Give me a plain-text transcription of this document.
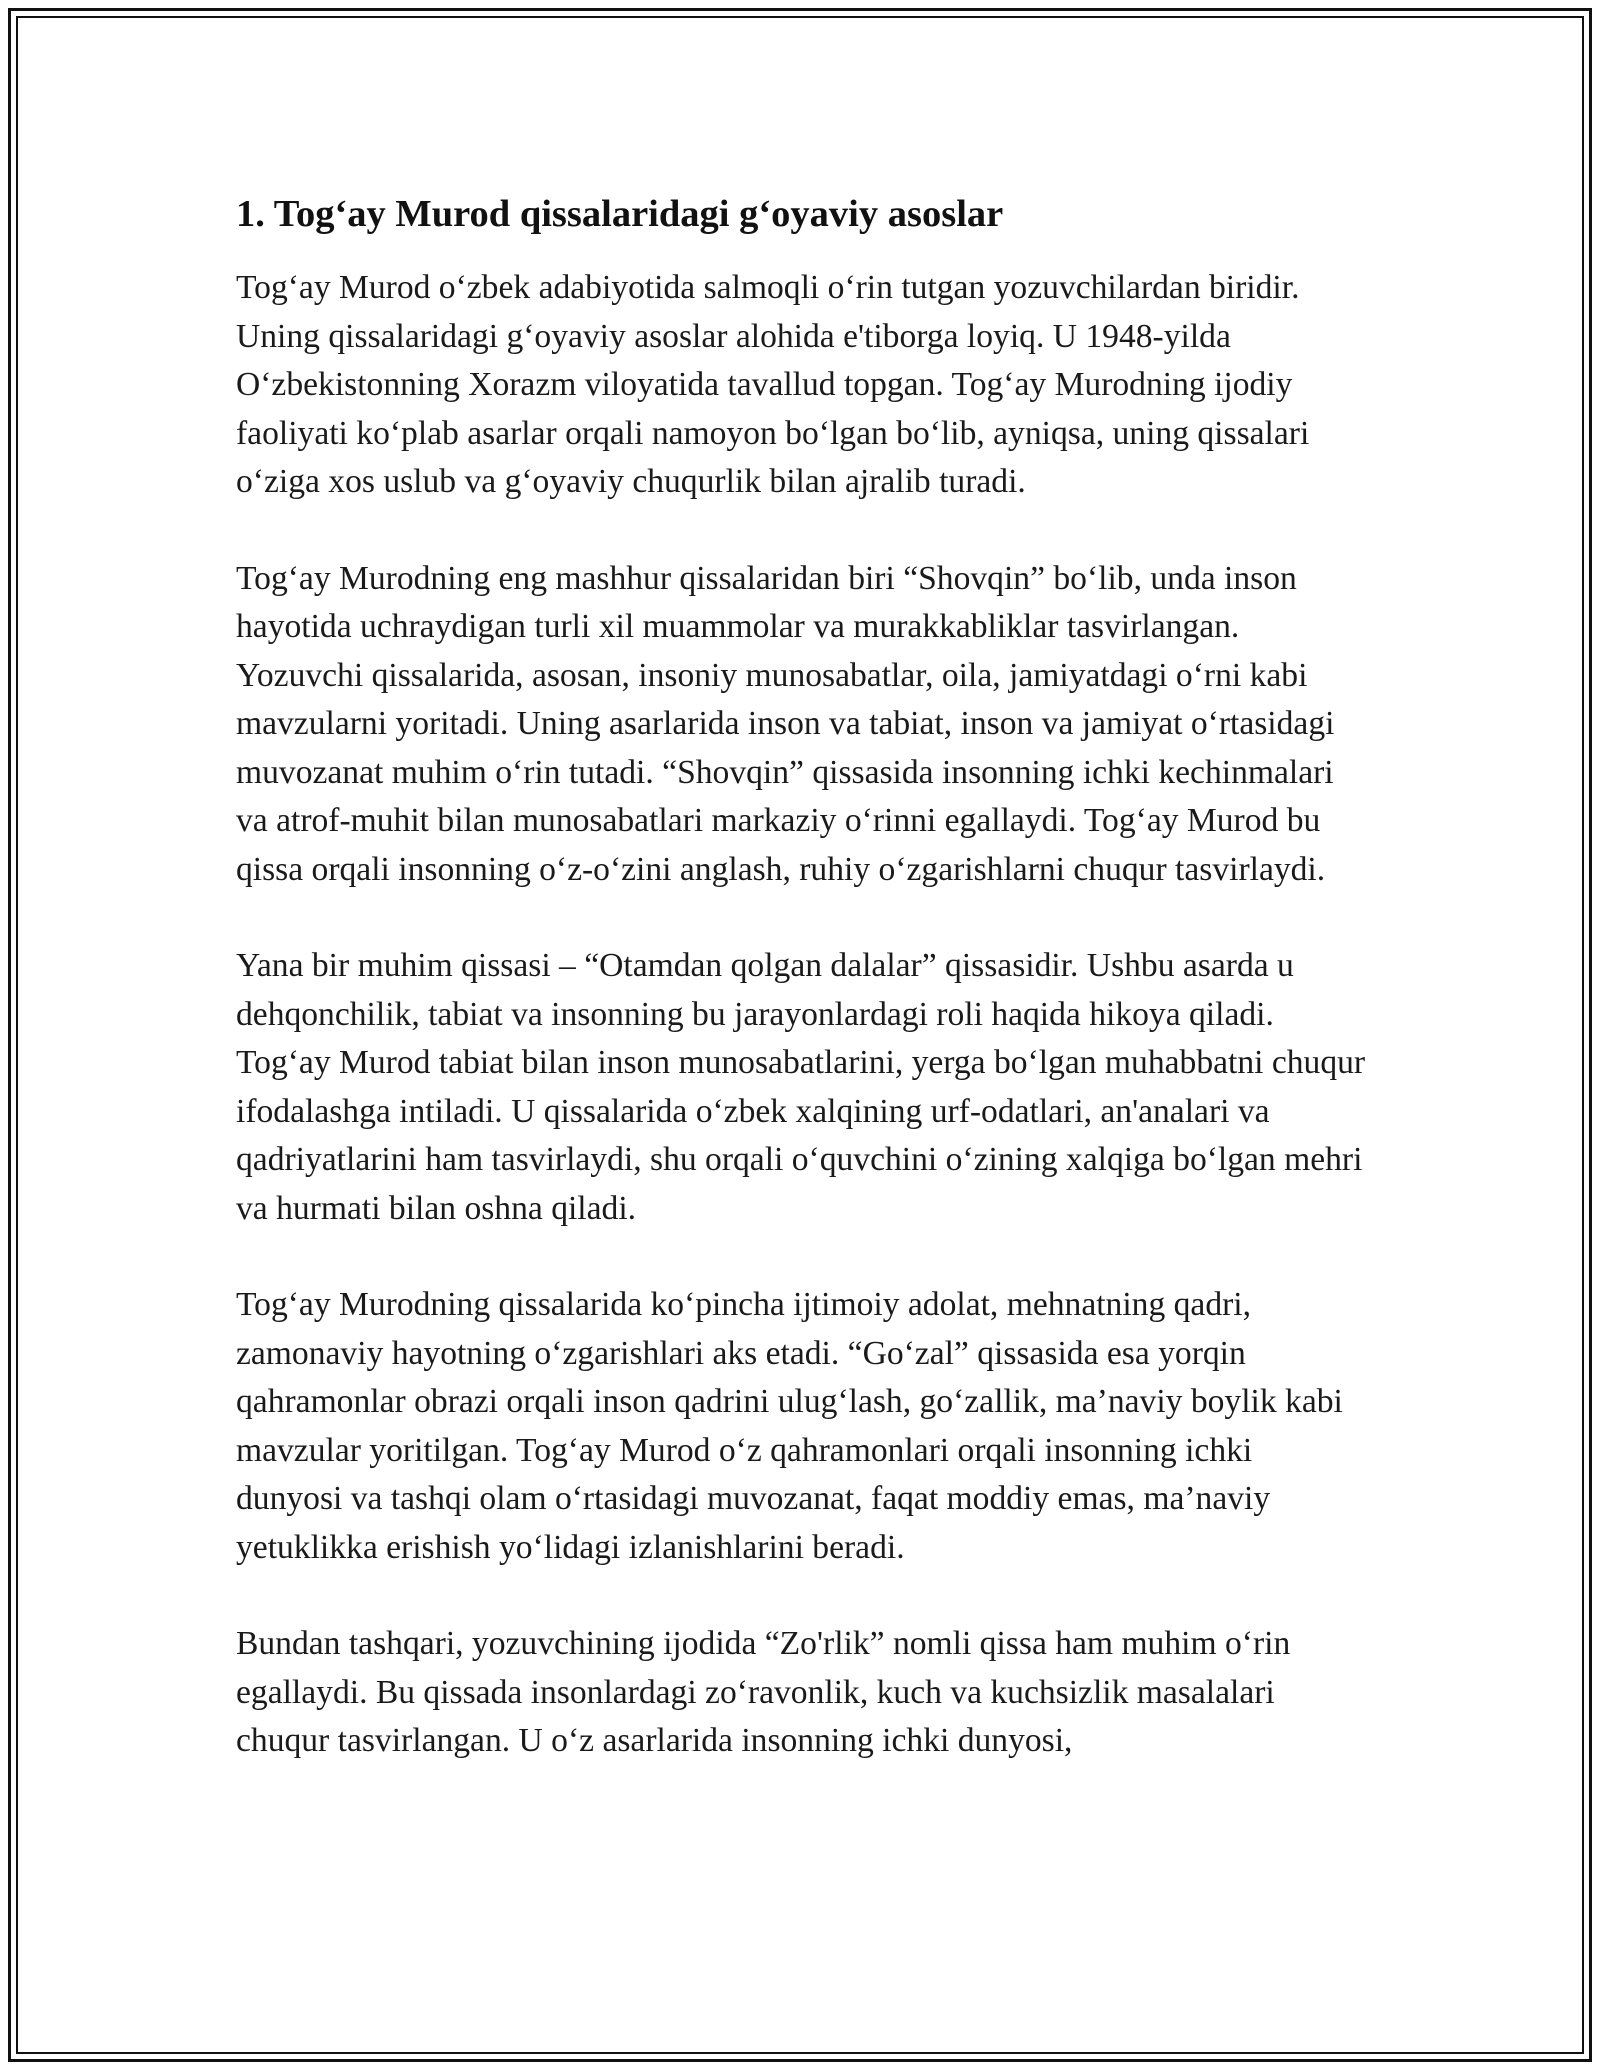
1. Tog‘ay Murod qissalaridagi g‘oyaviy asoslar

Tog‘ay Murod o‘zbek adabiyotida salmoqli o‘rin tutgan yozuvchilardan biridir. Uning qissalaridagi g‘oyaviy asoslar alohida e'tiborga loyiq. U 1948-yilda O‘zbekistonning Xorazm viloyatida tavallud topgan. Tog‘ay Murodning ijodiy faoliyati ko‘plab asarlar orqali namoyon bo‘lgan bo‘lib, ayniqsa, uning qissalari o‘ziga xos uslub va g‘oyaviy chuqurlik bilan ajralib turadi.

Tog‘ay Murodning eng mashhur qissalaridan biri “Shovqin” bo‘lib, unda inson hayotida uchraydigan turli xil muammolar va murakkabliklar tasvirlangan. Yozuvchi qissalarida, asosan, insoniy munosabatlar, oila, jamiyatdagi o‘rni kabi mavzularni yoritadi. Uning asarlarida inson va tabiat, inson va jamiyat o‘rtasidagi muvozanat muhim o‘rin tutadi. “Shovqin” qissasida insonning ichki kechinmalari va atrof-muhit bilan munosabatlari markaziy o‘rinni egallaydi. Tog‘ay Murod bu qissa orqali insonning o‘z-o‘zini anglash, ruhiy o‘zgarishlarni chuqur tasvirlaydi.

Yana bir muhim qissasi – “Otamdan qolgan dalalar” qissasidir. Ushbu asarda u dehqonchilik, tabiat va insonning bu jarayonlardagi roli haqida hikoya qiladi. Tog‘ay Murod tabiat bilan inson munosabatlarini, yerga bo‘lgan muhabbatni chuqur ifodalashga intiladi. U qissalarida o‘zbek xalqining urf-odatlari, an'analari va qadriyatlarini ham tasvirlaydi, shu orqali o‘quvchini o‘zining xalqiga bo‘lgan mehri va hurmati bilan oshna qiladi.

Tog‘ay Murodning qissalarida ko‘pincha ijtimoiy adolat, mehnatning qadri, zamonaviy hayotning o‘zgarishlari aks etadi. “Go‘zal” qissasida esa yorqin qahramonlar obrazi orqali inson qadrini ulug‘lash, go‘zallik, ma’naviy boylik kabi mavzular yoritilgan. Tog‘ay Murod o‘z qahramonlari orqali insonning ichki dunyosi va tashqi olam o‘rtasidagi muvozanat, faqat moddiy emas, ma’naviy yetuklikka erishish yo‘lidagi izlanishlarini beradi.

Bundan tashqari, yozuvchining ijodida “Zo'rlik” nomli qissa ham muhim o‘rin egallaydi. Bu qissada insonlardagi zo‘ravonlik, kuch va kuchsizlik masalalari chuqur tasvirlangan. U o‘z asarlarida insonning ichki dunyosi,
